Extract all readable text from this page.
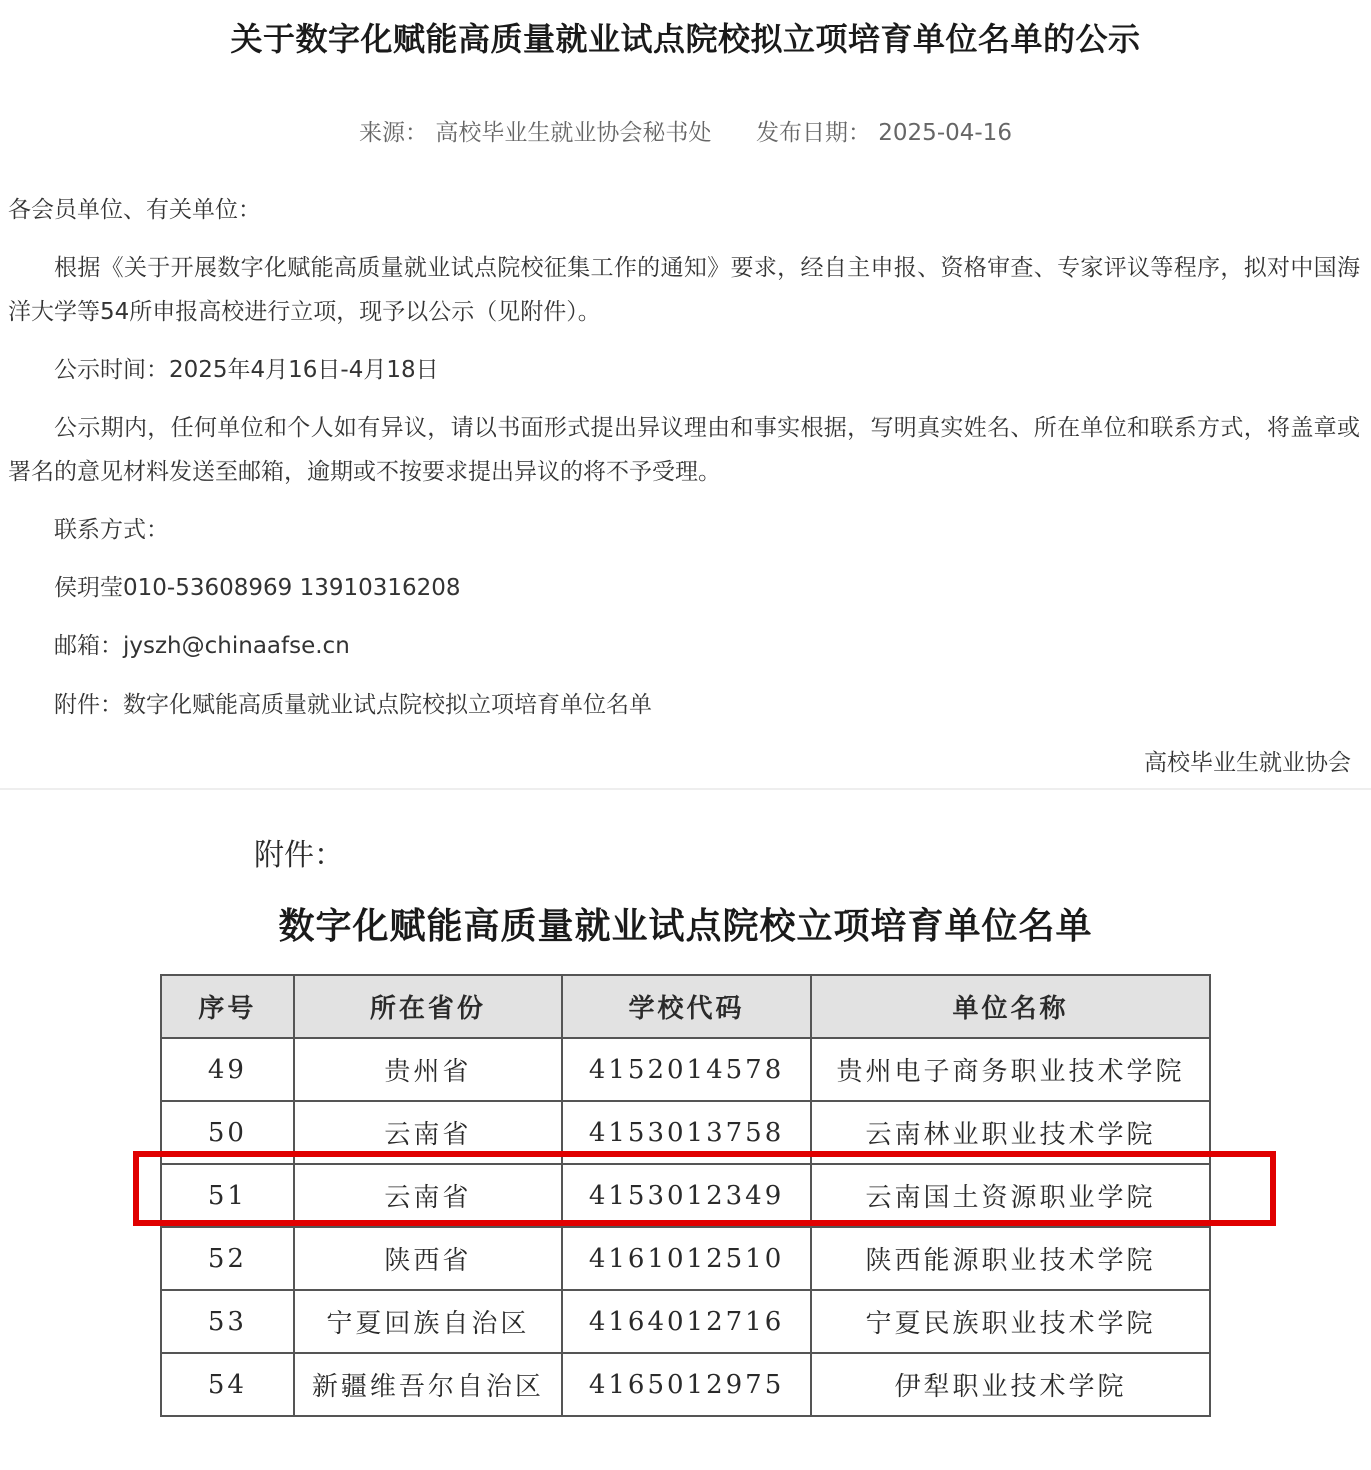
关于数字化赋能高质量就业试点院校拟立项培育单位名单的公示
来源： 高校毕业生就业协会秘书处 发布日期： 2025-04-16

各会员单位、有关单位：

根据《关于开展数字化赋能高质量就业试点院校征集工作的通知》要求，经自主申报、资格审查、专家评议等程序，拟对中国海洋大学等54所申报高校进行立项，现予以公示（见附件）。

公示时间：2025年4月16日-4月18日

公示期内，任何单位和个人如有异议，请以书面形式提出异议理由和事实根据，写明真实姓名、所在单位和联系方式，将盖章或署名的意见材料发送至邮箱，逾期或不按要求提出异议的将不予受理。

联系方式：

侯玥莹010-53608969 13910316208

邮箱：jyszh@chinaafse.cn

附件：数字化赋能高质量就业试点院校拟立项培育单位名单

高校毕业生就业协会

附件：
数字化赋能高质量就业试点院校立项培育单位名单
序号	所在省份	学校代码	单位名称
49	贵州省	4152014578	贵州电子商务职业技术学院
50	云南省	4153013758	云南林业职业技术学院
51	云南省	4153012349	云南国土资源职业学院
52	陕西省	4161012510	陕西能源职业技术学院
53	宁夏回族自治区	4164012716	宁夏民族职业技术学院
54	新疆维吾尔自治区	4165012975	伊犁职业技术学院
